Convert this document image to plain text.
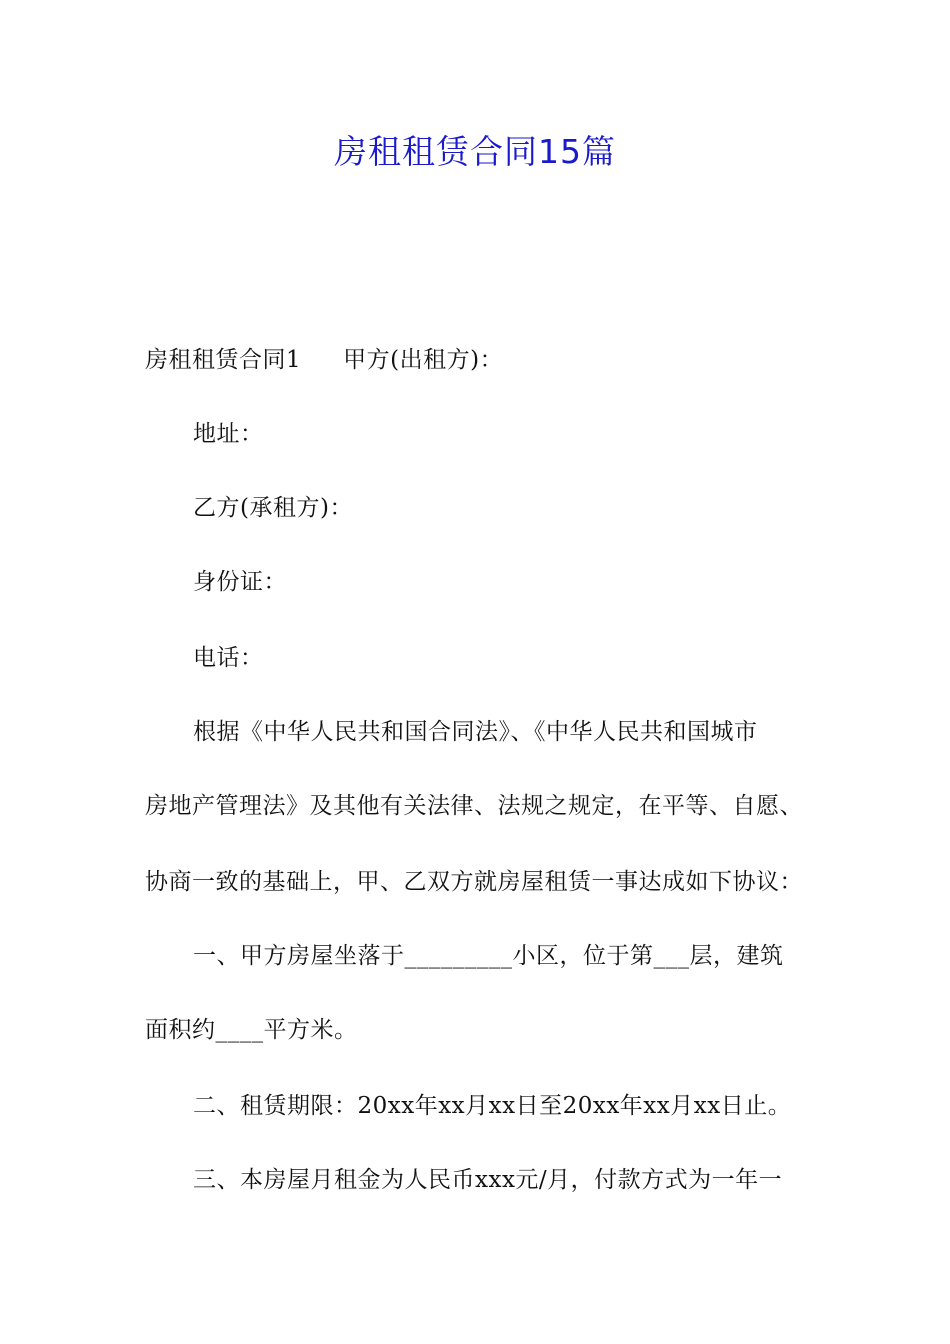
房租租赁合同15篇
房租租赁合同1 甲方(出租方)：
地址：
乙方(承租方)：
身份证：
电话：
根据《中华人民共和国合同法》、《中华人民共和国城市
房地产管理法》及其他有关法律、法规之规定，在平等、自愿、
协商一致的基础上，甲、乙双方就房屋租赁一事达成如下协议：
一、甲方房屋坐落于_________小区，位于第___层，建筑
面积约____平方米。
二、租赁期限：20xx年xx月xx日至20xx年xx月xx日止。
三、本房屋月租金为人民币xxx元/月，付款方式为一年一
